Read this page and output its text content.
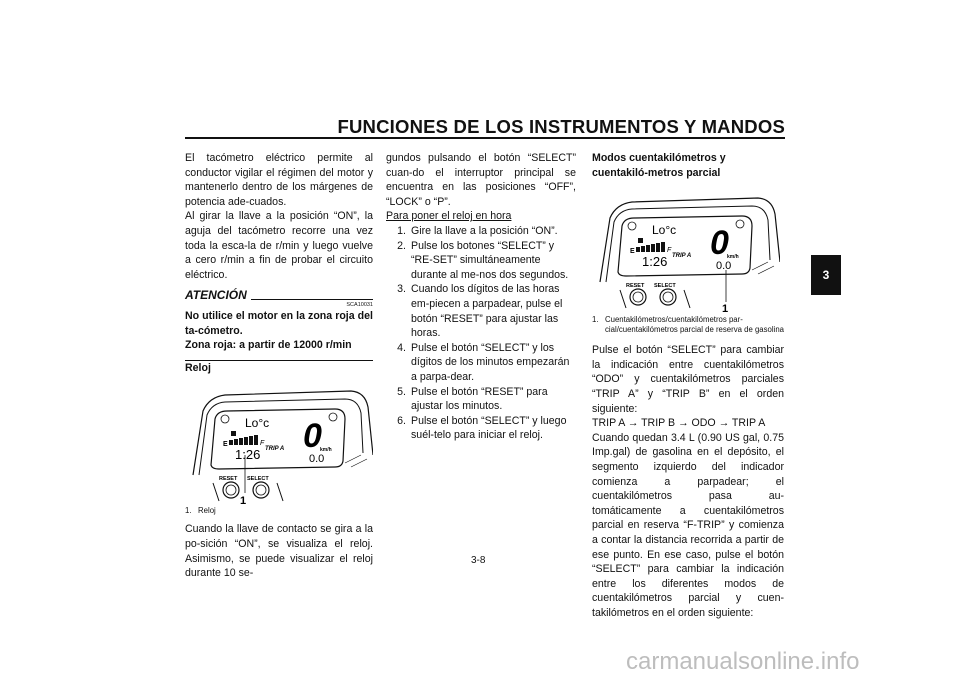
FUNCIONES DE LOS INSTRUMENTOS Y MANDOS
3

El tacómetro eléctrico permite al conductor vigilar el régimen del motor y mantenerlo dentro de los márgenes de potencia ade-cuados.

Al girar la llave a la posición “ON”, la aguja del tacómetro recorre una vez toda la esca-la de r/min y luego vuelve a cero r/min a fin de probar el circuito eléctrico.

ATENCIÓN
SCA10031

No utilice el motor en la zona roja del ta-cómetro.

Zona roja: a partir de 12000 r/min

Reloj

Lo°c
E	F
1:26 TRIP A 0
km/h
0.0
RESET SELECT
1
1. Reloj

Cuando la llave de contacto se gira a la po-sición “ON”, se visualiza el reloj. Asimismo, se puede visualizar el reloj durante 10 se-

gundos pulsando el botón “SELECT” cuan-do el interruptor principal se encuentra en las posiciones “OFF”, “LOCK” o “P”.

Para poner el reloj en hora

1. Gire la llave a la posición “ON”.
2. Pulse los botones “SELECT” y “RE-SET” simultáneamente durante al me-nos dos segundos.
3. Cuando los dígitos de las horas em-piecen a parpadear, pulse el botón “RESET” para ajustar las horas.
4. Pulse el botón “SELECT” y los dígitos de los minutos empezarán a parpa-dear.
5. Pulse el botón “RESET” para ajustar los minutos.
6. Pulse el botón “SELECT” y luego suél-telo para iniciar el reloj.

Modos cuentakilómetros y cuentakiló-metros parcial

Lo°c
E	F
1:26 TRIP A 0
km/h
0.0
RESET SELECT
1
1. Cuentakilómetros/cuentakilómetros par-cial/cuentakilómetros parcial de reserva de gasolina

Pulse el botón “SELECT” para cambiar la indicación entre cuentakilómetros “ODO” y cuentakilómetros parciales “TRIP A” y “TRIP B” en el orden siguiente:

TRIP A → TRIP B → ODO → TRIP A

Cuando quedan 3.4 L (0.90 US gal, 0.75 Imp.gal) de gasolina en el depósito, el segmento izquierdo del indicador comienza a parpadear; el cuentakilómetros pasa au-tomáticamente a cuentakilómetros parcial en reserva “F-TRIP” y comienza a contar la distancia recorrida a partir de ese punto. En ese caso, pulse el botón “SELECT” para cambiar la indicación entre los diferentes modos de cuentakilómetros parcial y cuen-takilómetros en el orden siguiente:

3-8
carmanualsonline.info
